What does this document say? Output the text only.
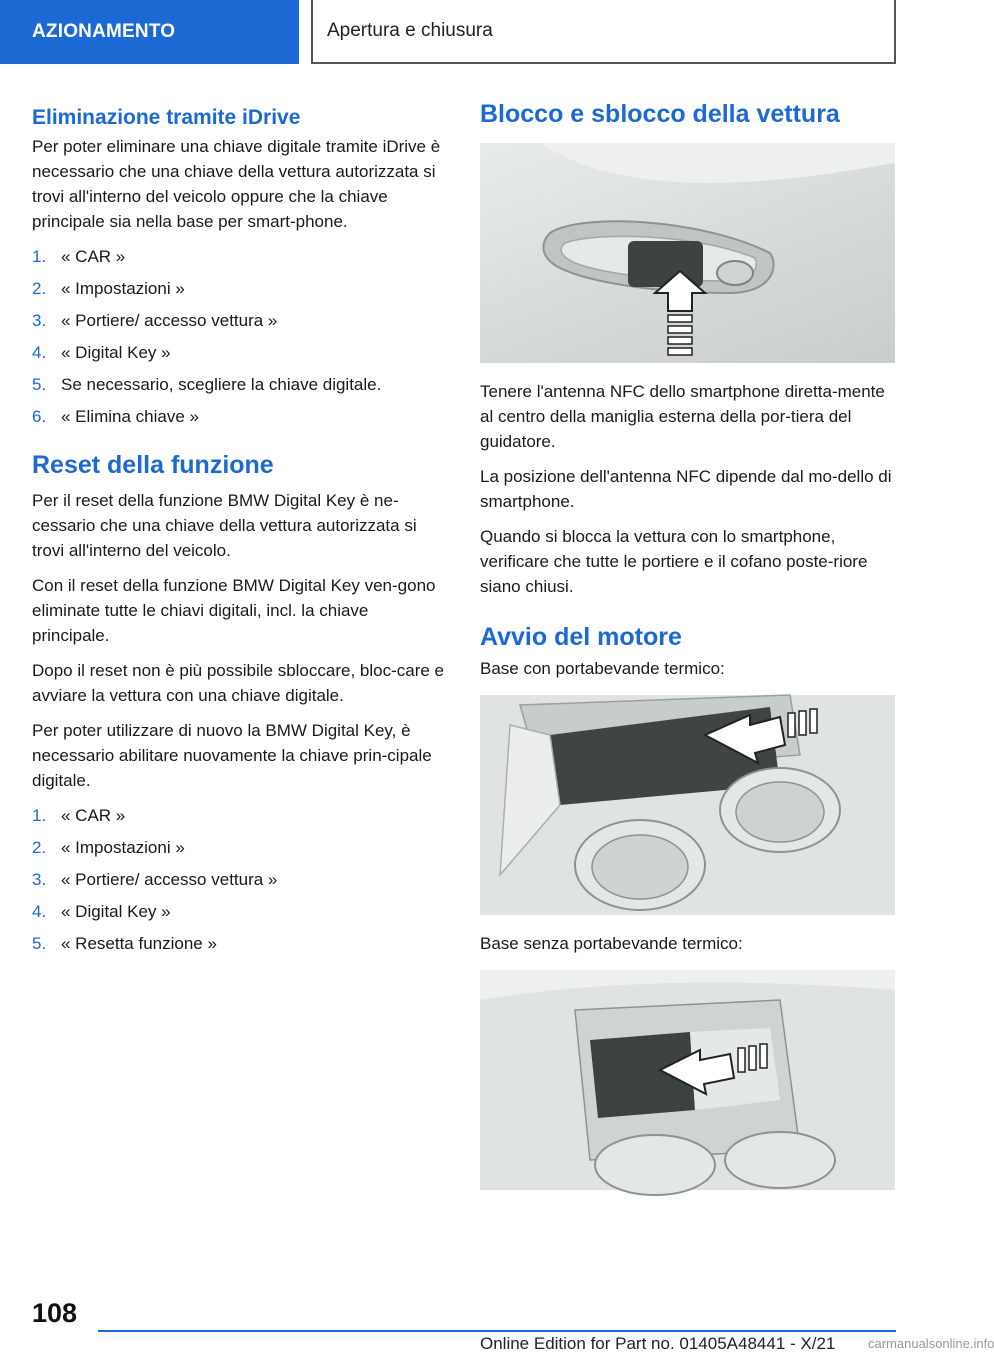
AZIONAMENTO	Apertura e chiusura
Eliminazione tramite iDrive

Per poter eliminare una chiave digitale tramite iDrive è necessario che una chiave della vettura autorizzata si trovi all'interno del veicolo oppure che la chiave principale sia nella base per smart‐phone.

1. « CAR »
2. « Impostazioni »
3. « Portiere/ accesso vettura »
4. « Digital Key »
5. Se necessario, scegliere la chiave digitale.
6. « Elimina chiave »
Reset della funzione

Per il reset della funzione BMW Digital Key è ne‐cessario che una chiave della vettura autorizzata si trovi all'interno del veicolo.

Con il reset della funzione BMW Digital Key ven‐gono eliminate tutte le chiavi digitali, incl. la chiave principale.

Dopo il reset non è più possibile sbloccare, bloc‐care e avviare la vettura con una chiave digitale.

Per poter utilizzare di nuovo la BMW Digital Key, è necessario abilitare nuovamente la chiave prin‐cipale digitale.

1. « CAR »
2. « Impostazioni »
3. « Portiere/ accesso vettura »
4. « Digital Key »
5. « Resetta funzione »
Blocco e sblocco della vettura

Tenere l'antenna NFC dello smartphone diretta‐mente al centro della maniglia esterna della por‐tiera del guidatore.

La posizione dell'antenna NFC dipende dal mo‐dello di smartphone.

Quando si blocca la vettura con lo smartphone, verificare che tutte le portiere e il cofano poste‐riore siano chiusi.

Avvio del motore

Base con portabevande termico:

Base senza portabevande termico:

108
Online Edition for Part no. 01405A48441 - X/21	carmanualsonline.info
